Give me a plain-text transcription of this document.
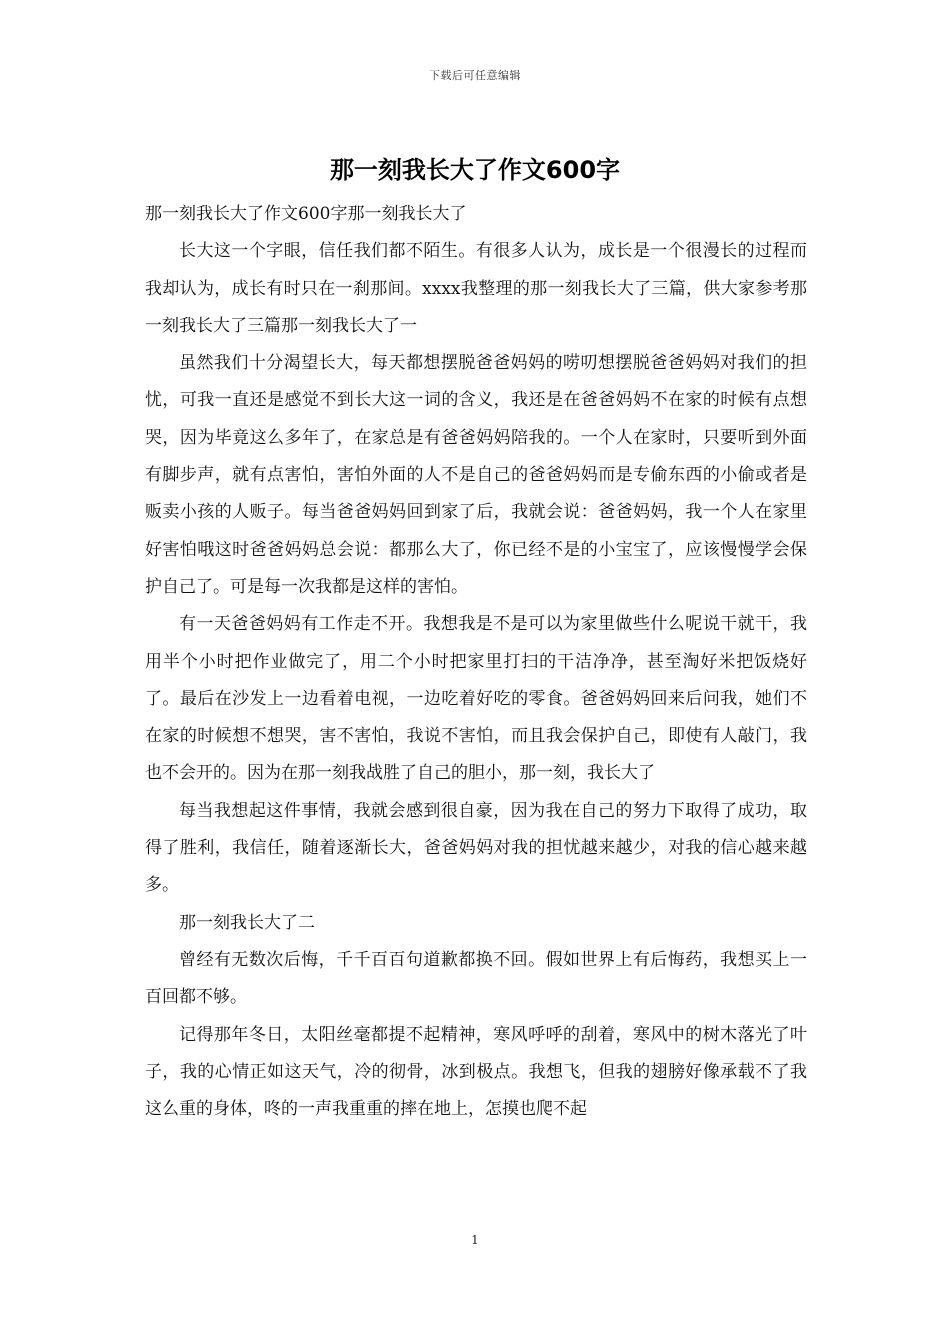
下载后可任意编辑
那一刻我长大了作文600字

那一刻我长大了作文600字那一刻我长大了

长大这一个字眼，信任我们都不陌生。有很多人认为，成长是一个很漫长的过程而我却认为，成长有时只在一刹那间。xxxx我整理的那一刻我长大了三篇，供大家参考那一刻我长大了三篇那一刻我长大了一

虽然我们十分渴望长大，每天都想摆脱爸爸妈妈的唠叨想摆脱爸爸妈妈对我们的担忧，可我一直还是感觉不到长大这一词的含义，我还是在爸爸妈妈不在家的时候有点想哭，因为毕竟这么多年了，在家总是有爸爸妈妈陪我的。一个人在家时，只要听到外面有脚步声，就有点害怕，害怕外面的人不是自己的爸爸妈妈而是专偷东西的小偷或者是贩卖小孩的人贩子。每当爸爸妈妈回到家了后，我就会说：爸爸妈妈，我一个人在家里好害怕哦这时爸爸妈妈总会说：都那么大了，你已经不是的小宝宝了，应该慢慢学会保护自己了。可是每一次我都是这样的害怕。

有一天爸爸妈妈有工作走不开。我想我是不是可以为家里做些什么呢说干就干，我用半个小时把作业做完了，用二个小时把家里打扫的干洁净净，甚至淘好米把饭烧好了。最后在沙发上一边看着电视，一边吃着好吃的零食。爸爸妈妈回来后问我，她们不在家的时候想不想哭，害不害怕，我说不害怕，而且我会保护自己，即使有人敲门，我也不会开的。因为在那一刻我战胜了自己的胆小，那一刻，我长大了

每当我想起这件事情，我就会感到很自豪，因为我在自己的努力下取得了成功，取得了胜利，我信任，随着逐渐长大，爸爸妈妈对我的担忧越来越少，对我的信心越来越多。

那一刻我长大了二

曾经有无数次后悔，千千百百句道歉都换不回。假如世界上有后悔药，我想买上一百回都不够。

记得那年冬日，太阳丝毫都提不起精神，寒风呼呼的刮着，寒风中的树木落光了叶子，我的心情正如这天气，冷的彻骨，冰到极点。我想飞，但我的翅膀好像承载不了我这么重的身体，咚的一声我重重的摔在地上，怎摸也爬不起

1
